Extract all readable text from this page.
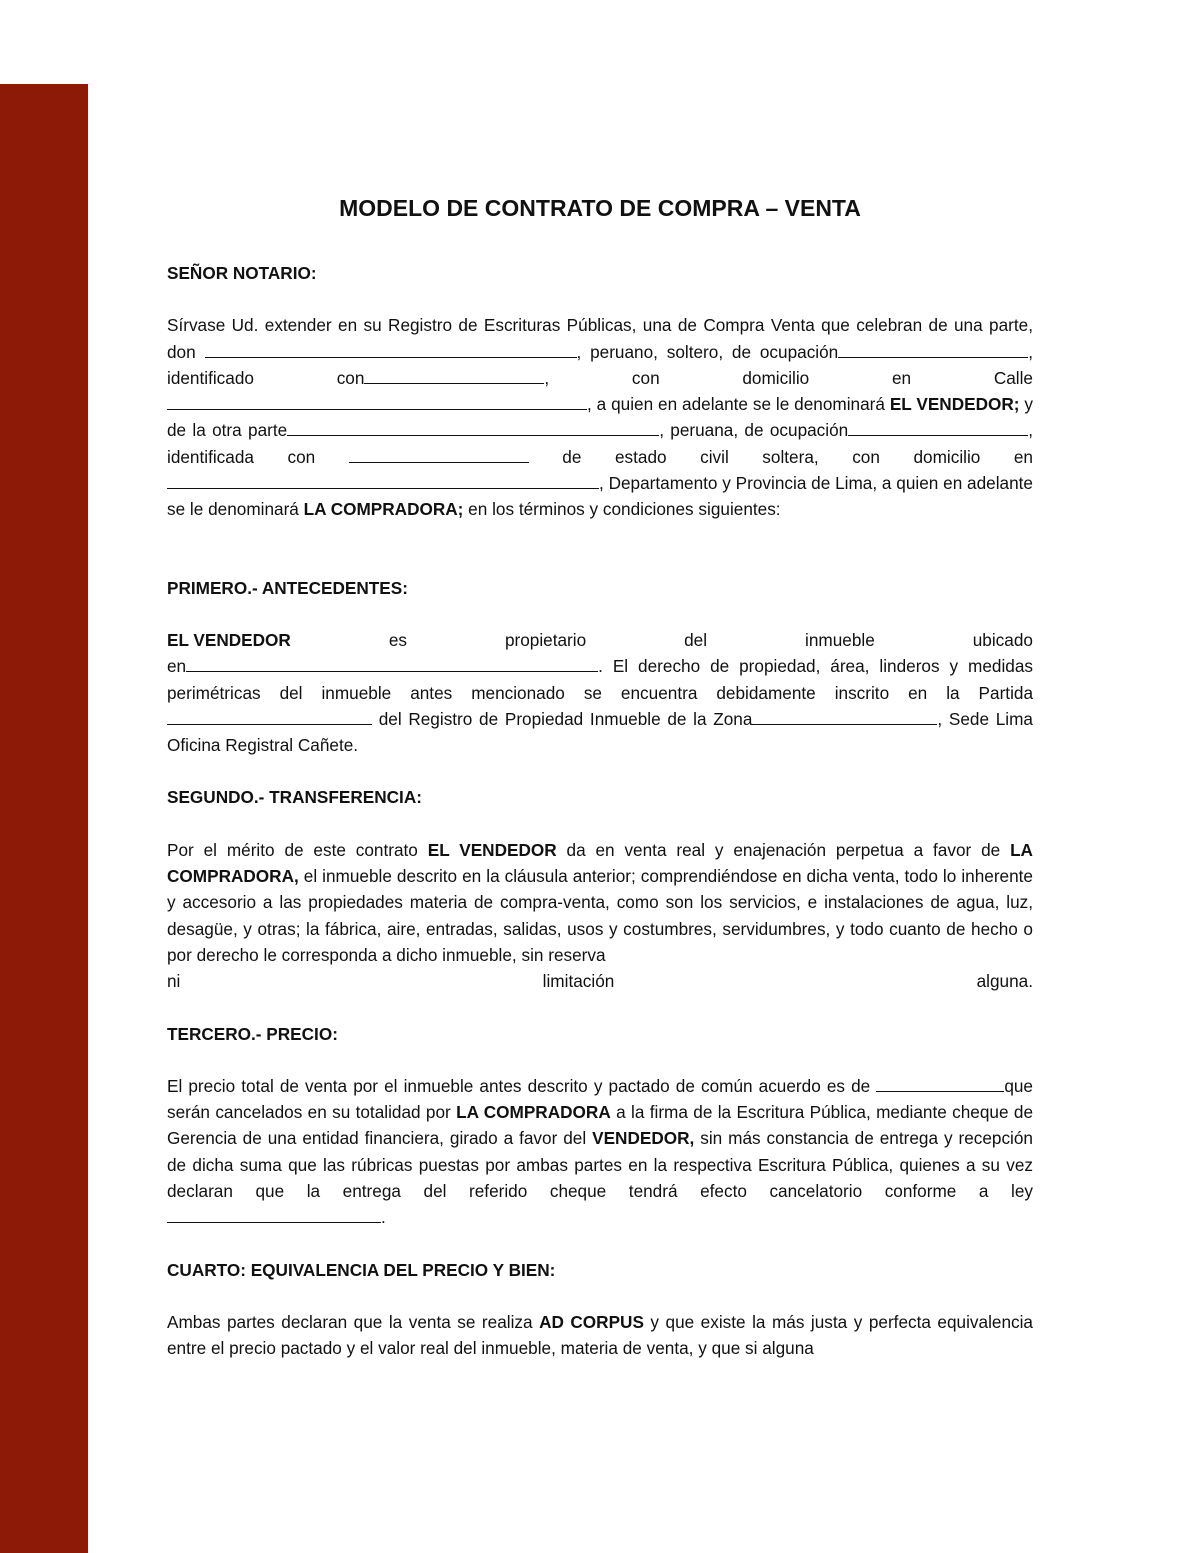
MODELO DE CONTRATO DE COMPRA – VENTA
SEÑOR NOTARIO:
Sírvase Ud. extender en su Registro de Escrituras Públicas, una de Compra Venta que celebran de una parte, don	, peruano, soltero, de ocupación	, identificado con	, con domicilio en Calle, a quien en adelante se le denominará EL VENDEDOR; y de la otra parte	, peruana, de ocupación	, identificada con	de estado civil soltera, con domicilio en, Departamento y Provincia de Lima, a quien en adelante se le denominará LA COMPRADORA; en los términos y condiciones siguientes:
PRIMERO.- ANTECEDENTES:
EL VENDEDOR	es	propietario	del	inmueble	ubicado
en	. El derecho de propiedad, área, linderos y medidas perimétricas del inmueble antes mencionado se encuentra debidamente inscrito en la Partida  del Registro de Propiedad Inmueble de la Zona	, Sede Lima Oficina Registral Cañete.
SEGUNDO.- TRANSFERENCIA:
Por el mérito de este contrato EL VENDEDOR da en venta real y enajenación perpetua a favor de LA COMPRADORA, el inmueble descrito en la cláusula anterior; comprendiéndose en dicha venta, todo lo inherente y accesorio a las propiedades materia de compra-venta, como son los servicios, e instalaciones de agua, luz, desagüe, y otras; la fábrica, aire, entradas, salidas, usos y costumbres, servidumbres, y todo cuanto de hecho o por derecho le corresponda a dicho inmueble, sin reserva
ni	limitación	alguna.
TERCERO.- PRECIO:
El precio total de venta por el inmueble antes descrito y pactado de común acuerdo es de	que serán cancelados en su totalidad por LA COMPRADORA a la firma de la Escritura Pública, mediante cheque de Gerencia de una entidad financiera, girado a favor del VENDEDOR, sin más constancia de entrega y recepción de dicha suma que las rúbricas puestas por ambas partes en la respectiva Escritura Pública, quienes a su vez declaran que la entrega del referido cheque tendrá efecto cancelatorio conforme a ley.
CUARTO: EQUIVALENCIA DEL PRECIO Y BIEN:
Ambas partes declaran que la venta se realiza AD CORPUS y que existe la más justa y perfecta equivalencia entre el precio pactado y el valor real del inmueble, materia de venta, y que si alguna
